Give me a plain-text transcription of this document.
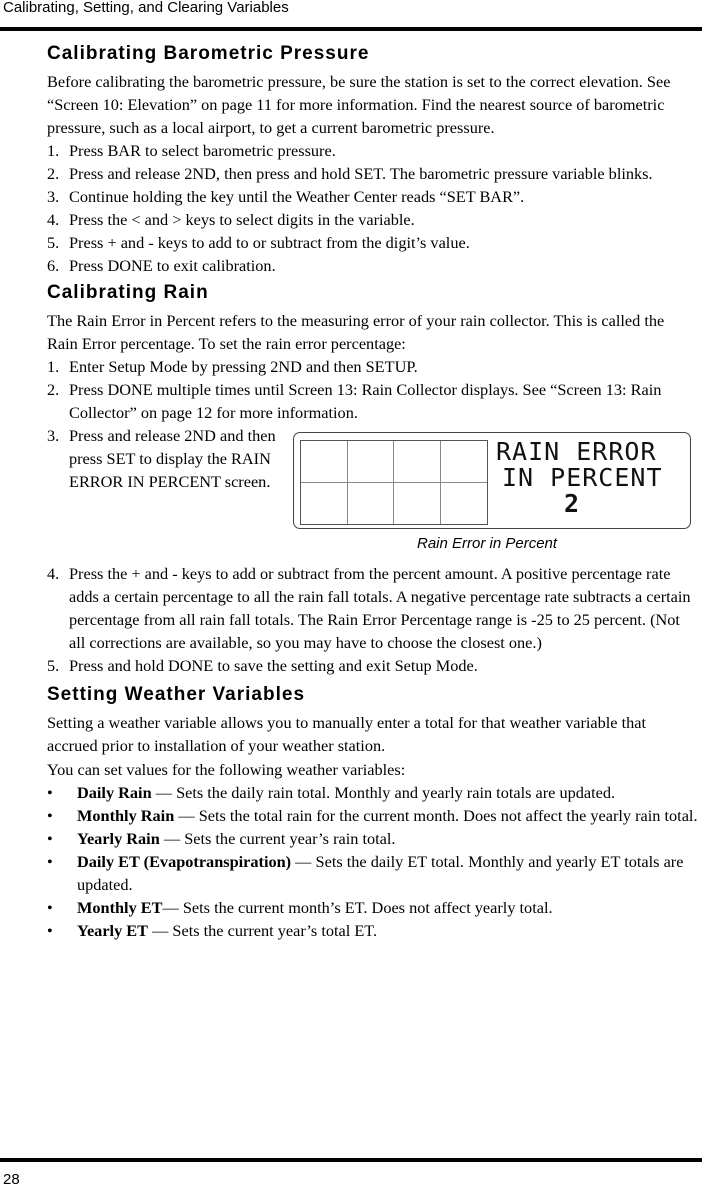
Calibrating, Setting, and Clearing Variables
Calibrating Barometric Pressure

Before calibrating the barometric pressure, be sure the station is set to the correct elevation. See “Screen 10: Elevation” on page 11 for more information. Find the nearest source of barometric pressure, such as a local airport, to get a current barometric pressure.

1. Press BAR to select barometric pressure.
2. Press and release 2ND, then press and hold SET. The barometric pressure variable blinks.
3. Continue holding the key until the Weather Center reads “SET BAR”.
4. Press the < and > keys to select digits in the variable.
5. Press + and - keys to add to or subtract from the digit’s value.
6. Press DONE to exit calibration.
Calibrating Rain

The Rain Error in Percent refers to the measuring error of your rain collector. This is called the Rain Error percentage. To set the rain error percentage:

1. Enter Setup Mode by pressing 2ND and then SETUP.
2. Press DONE multiple times until Screen 13: Rain Collector displays. See “Screen 13: Rain Collector” on page 12 for more information.
3. Press and release 2ND and then press SET to display the RAIN ERROR IN PERCENT screen.
RAIN ERROR
IN PERCENT
2
Rain Error in Percent
4. Press the + and - keys to add or subtract from the percent amount. A positive percentage rate adds a certain percentage to all the rain fall totals. A negative percentage rate subtracts a certain percentage from all rain fall totals. The Rain Error Percentage range is -25 to 25 percent. (Not all corrections are available, so you may have to choose the closest one.)
5. Press and hold DONE to save the setting and exit Setup Mode.
Setting Weather Variables

Setting a weather variable allows you to manually enter a total for that weather variable that accrued prior to installation of your weather station.

You can set values for the following weather variables:

• Daily Rain — Sets the daily rain total. Monthly and yearly rain totals are updated.
• Monthly Rain — Sets the total rain for the current month. Does not affect the yearly rain total.
• Yearly Rain — Sets the current year’s rain total.
• Daily ET (Evapotranspiration) — Sets the daily ET total. Monthly and yearly ET totals are updated.
• Monthly ET— Sets the current month’s ET. Does not affect yearly total.
• Yearly ET — Sets the current year’s total ET.
28
